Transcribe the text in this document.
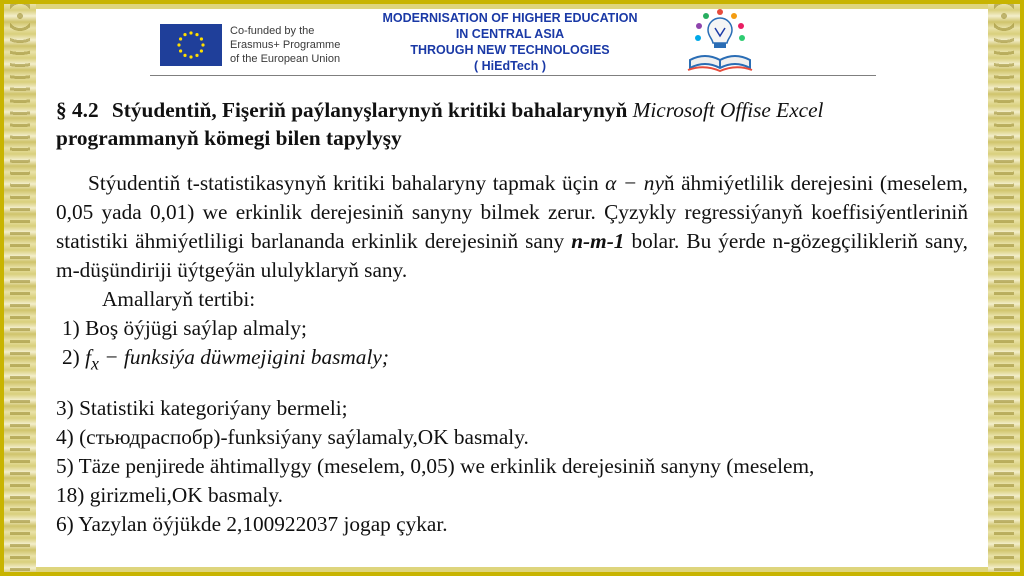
Co-funded by the
Erasmus+ Programme
of the European Union
MODERNISATION OF HIGHER EDUCATION
IN CENTRAL ASIA
THROUGH NEW TECHNOLOGIES
( HiEdTech )
§ 4.2 Stýudentiň, Fişeriň paýlanyşlarynyň kritiki bahalarynyň Microsoft Offise Excel
programmanyň kömegi bilen tapylyşy
Stýudentiň t-statistikasynyň kritiki bahalaryny tapmak üçin α − nyň ähmiýetlilik derejesini (meselem, 0,05 yada 0,01) we erkinlik derejesiniň sanyny bilmek zerur. Çyzykly regressiýanyň koeffisiýentleriniň statistiki ähmiýetliligi barlananda erkinlik derejesiniň sany n-m-1 bolar. Bu ýerde n-gözegçilikleriň sany, m-düşündiriji üýtgeýän ululyklaryň sany.
Amallaryň tertibi:
1) Boş öýjügi saýlap almaly;
2) $f_x$ − funksiýa düwmejigini basmaly;
3) Statistiki kategoriýany bermeli;
4) (стьюдраспобр)-funksiýany saýlamaly,OK basmaly.
5) Täze penjirede ähtimallygy (meselem, 0,05) we erkinlik derejesiniň sanyny (meselem,
18) girizmeli,OK basmaly.
6) Yazylan öýjükde 2,100922037 jogap çykar.
